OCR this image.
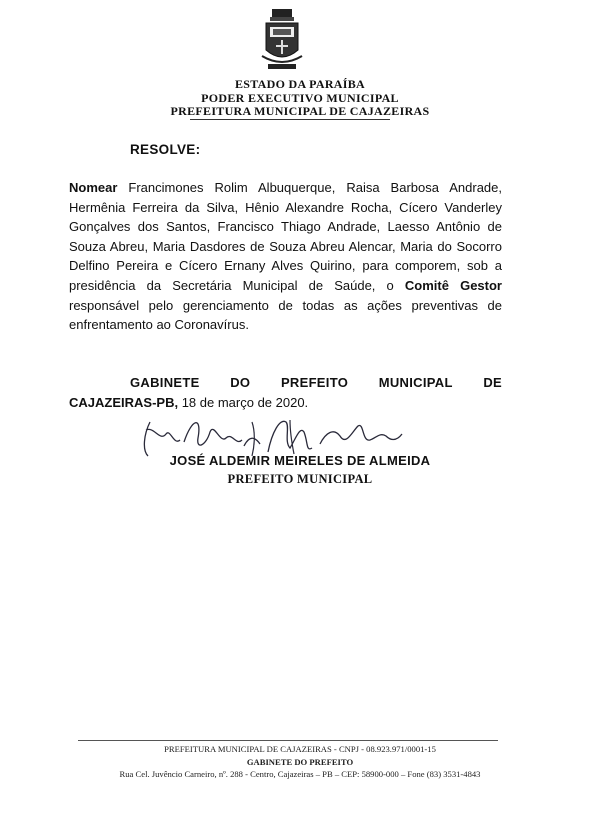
ESTADO DA PARAÍBA
PODER EXECUTIVO MUNICIPAL
PREFEITURA MUNICIPAL DE CAJAZEIRAS
RESOLVE:
Nomear Francimones Rolim Albuquerque, Raisa Barbosa Andrade, Hermênia Ferreira da Silva, Hênio Alexandre Rocha, Cícero Vanderley Gonçalves dos Santos, Francisco Thiago Andrade, Laesso Antônio de Souza Abreu, Maria Dasdores de Souza Abreu Alencar, Maria do Socorro Delfino Pereira e Cícero Ernany Alves Quirino, para comporem, sob a presidência da Secretária Municipal de Saúde, o Comitê Gestor responsável pelo gerenciamento de todas as ações preventivas de enfrentamento ao Coronavírus.
GABINETE DO PREFEITO MUNICIPAL DE
CAJAZEIRAS-PB, 18 de março de 2020.
JOSÉ ALDEMIR MEIRELES DE ALMEIDA
PREFEITO MUNICIPAL
PREFEITURA MUNICIPAL DE CAJAZEIRAS - CNPJ - 08.923.971/0001-15
GABINETE DO PREFEITO
Rua Cel. Juvêncio Carneiro, nº. 288 - Centro, Cajazeiras – PB – CEP: 58900-000 – Fone (83) 3531-4843
